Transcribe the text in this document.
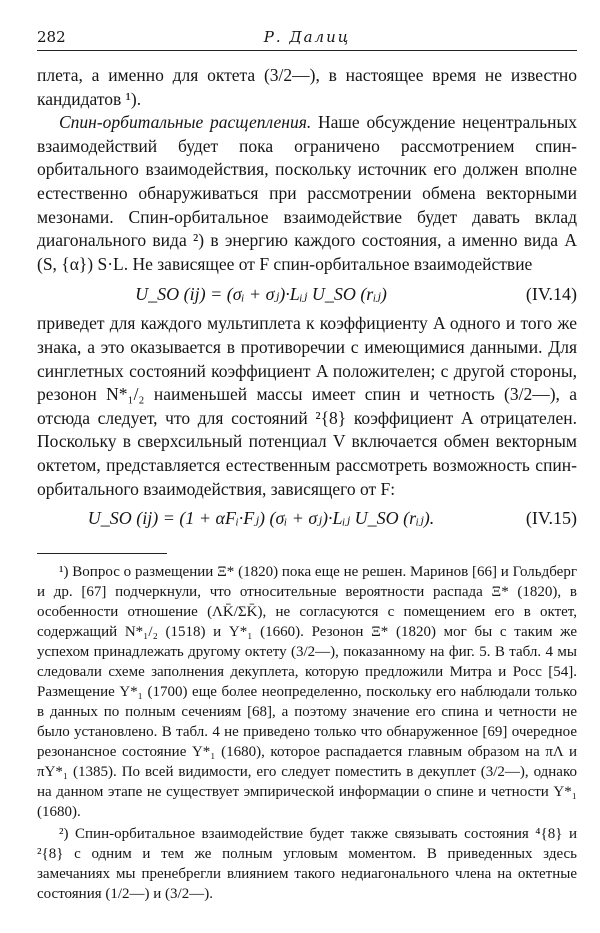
282	Р. Далиц

плета, а именно для октета (3/2—), в настоящее время не известно кандидатов ¹).

Спин-орбитальные расщепления. Наше обсуждение нецентральных взаимодействий будет пока ограничено рассмотрением спин-орбитального взаимодействия, поскольку источник его должен вполне естественно обнаруживаться при рассмотрении обмена векторными мезонами. Спин-орбитальное взаимодействие будет давать вклад диагонального вида ²) в энергию каждого состояния, а именно вида A (S, {α}) S·L. Не зависящее от F спин-орбитальное взаимодействие

U_SO (ij) = (σᵢ + σⱼ)·Lᵢⱼ U_SO (rᵢⱼ)	(IV.14)

приведет для каждого мультиплета к коэффициенту A одного и того же знака, а это оказывается в противоречии с имеющимися данными. Для синглетных состояний коэффициент A положителен; с другой стороны, резонон N*₁/₂ наименьшей массы имеет спин и четность (3/2—), а отсюда следует, что для состояний ²{8} коэффициент A отрицателен. Поскольку в сверхсильный потенциал V включается обмен векторным октетом, представляется естественным рассмотреть возможность спин-орбитального взаимодействия, зависящего от F:

U_SO (ij) = (1 + αFᵢ·Fⱼ) (σᵢ + σⱼ)·Lᵢⱼ U_SO (rᵢⱼ).	(IV.15)

¹) Вопрос о размещении Ξ* (1820) пока еще не решен. Маринов [66] и Гольдберг и др. [67] подчеркнули, что относительные вероятности распада Ξ* (1820), в особенности отношение (ΛK̄/ΣK̄), не согласуются с помещением его в октет, содержащий N*₁/₂ (1518) и Y*₁ (1660). Резонон Ξ* (1820) мог бы с таким же успехом принадлежать другому октету (3/2—), показанному на фиг. 5. В табл. 4 мы следовали схеме заполнения декуплета, которую предложили Митра и Росс [54]. Размещение Y*₁ (1700) еще более неопределенно, поскольку его наблюдали только в данных по полным сечениям [68], а поэтому значение его спина и четности не было установлено. В табл. 4 не приведено только что обнаруженное [69] очередное резонансное состояние Y*₁ (1680), которое распадается главным образом на πΛ и πY*₁ (1385). По всей видимости, его следует поместить в декуплет (3/2—), однако на данном этапе не существует эмпирической информации о спине и четности Y*₁ (1680).

²) Спин-орбитальное взаимодействие будет также связывать состояния ⁴{8} и ²{8} с одним и тем же полным угловым моментом. В приведенных здесь замечаниях мы пренебрегли влиянием такого недиагонального члена на октетные состояния (1/2—) и (3/2—).
